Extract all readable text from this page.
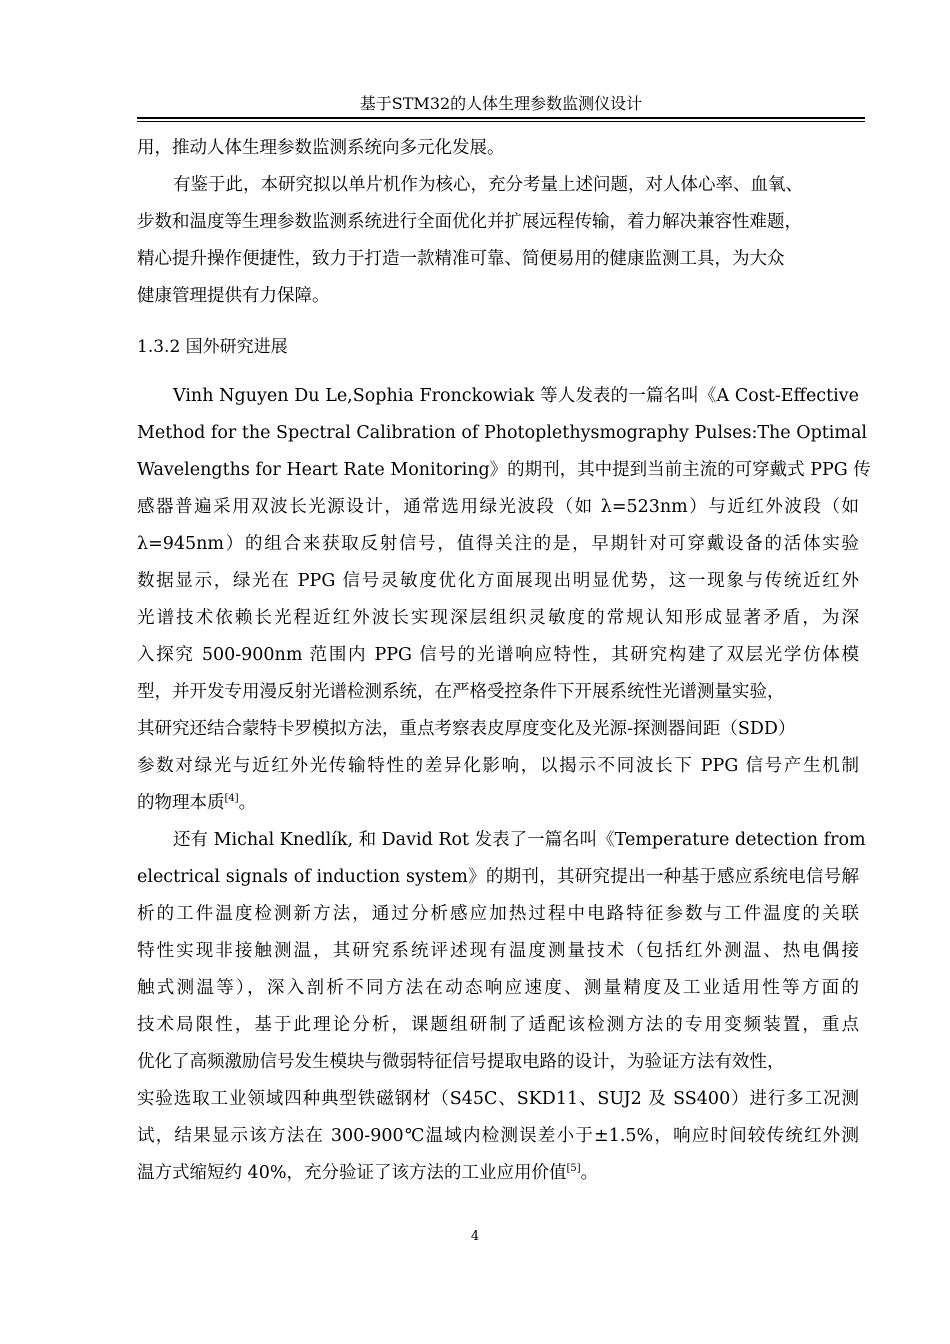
基于STM32的人体生理参数监测仪设计
用，推动人体生理参数监测系统向多元化发展。
有鉴于此，本研究拟以单片机作为核心，充分考量上述问题，对人体心率、血氧、
步数和温度等生理参数监测系统进行全面优化并扩展远程传输，着力解决兼容性难题，
精心提升操作便捷性，致力于打造一款精准可靠、简便易用的健康监测工具，为大众
健康管理提供有力保障。
1.3.2 国外研究进展
Vinh Nguyen Du Le,Sophia Fronckowiak 等人发表的一篇名叫《A Cost-Effective
Method for the Spectral Calibration of Photoplethysmography Pulses:The Optimal
Wavelengths for Heart Rate Monitoring》的期刊，其中提到当前主流的可穿戴式 PPG 传
感器普遍采用双波长光源设计，通常选用绿光波段（如 λ=523nm）与近红外波段（如
λ=945nm）的组合来获取反射信号，值得关注的是，早期针对可穿戴设备的活体实验
数据显示，绿光在 PPG 信号灵敏度优化方面展现出明显优势，这一现象与传统近红外
光谱技术依赖长光程近红外波长实现深层组织灵敏度的常规认知形成显著矛盾，为深
入探究 500-900nm 范围内 PPG 信号的光谱响应特性，其研究构建了双层光学仿体模
型，并开发专用漫反射光谱检测系统，在严格受控条件下开展系统性光谱测量实验，
其研究还结合蒙特卡罗模拟方法，重点考察表皮厚度变化及光源-探测器间距（SDD）
参数对绿光与近红外光传输特性的差异化影响，以揭示不同波长下 PPG 信号产生机制
的物理本质[4]。
还有 Michal Knedlík, 和 David Rot 发表了一篇名叫《Temperature detection from
electrical signals of induction system》的期刊，其研究提出一种基于感应系统电信号解
析的工件温度检测新方法，通过分析感应加热过程中电路特征参数与工件温度的关联
特性实现非接触测温，其研究系统评述现有温度测量技术（包括红外测温、热电偶接
触式测温等），深入剖析不同方法在动态响应速度、测量精度及工业适用性等方面的
技术局限性，基于此理论分析，课题组研制了适配该检测方法的专用变频装置，重点
优化了高频激励信号发生模块与微弱特征信号提取电路的设计，为验证方法有效性，
实验选取工业领域四种典型铁磁钢材（S45C、SKD11、SUJ2 及 SS400）进行多工况测
试，结果显示该方法在 300-900℃温域内检测误差小于±1.5%，响应时间较传统红外测
温方式缩短约 40%，充分验证了该方法的工业应用价值[5]。
4
